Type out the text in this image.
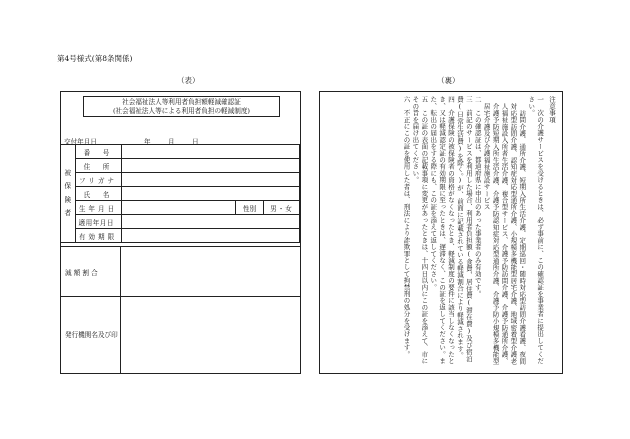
第4号様式(第8条関係)
（表）	（裏）
社会福祉法人等利用者負担額軽減確認証
(社会福祉法人等による利用者負担の軽減制度)
交付年月日	年	月	日
被
保
険
者	番　号			
	住　所			
	フリガナ			
	氏　名			
	生年月日		性別	男・女
	適用年月日			
	有効期限			
減 額 割 合
発行機関名及び印

注意事項

一　次の介護サービスを受けるときは、必ず事前に、この確認証を事業者に提出してください。

　訪問介護、通所介護、短期入所生活介護、定期巡回・随時対応型訪問介護看護、夜間対応型訪問介護、認知症対応型通所介護、小規模多機能型居宅介護、地域密着型介護老人福祉施設入所者生活介護、複合型サービス、介護予防訪問介護、介護予防通所介護、介護予防短期入所生活介護、介護予防認知症対応型通所介護、介護予防小規模多機能型居宅介護及び介護福祉施設サービス

二　この確認証は、都道府県に申出のあった事業者のみ有効です。

三　前記のサービスを利用した場合、利用者負担額(食費、居住費(滞在費)及び宿泊費(日常生活費)を除く。)が、前面に記載されている軽減割合により軽減されます。

四　介護保険の被保険者の資格がなくなったとき、軽減制度の要件に該当しなくなったとき、又は軽減認定証の有効期限に至ったときは、遅滞なく、この証を返してください。また、転出の届出をする際にも、この証を添えて返してください。

五　この証の表面の記載事項に変更があったときは、十四日以内にこの証を添えて、市にその旨を届け出てください。

六　不正にこの証を使用した者は、刑法により詐欺罪として拘禁刑の処分を受けます。
